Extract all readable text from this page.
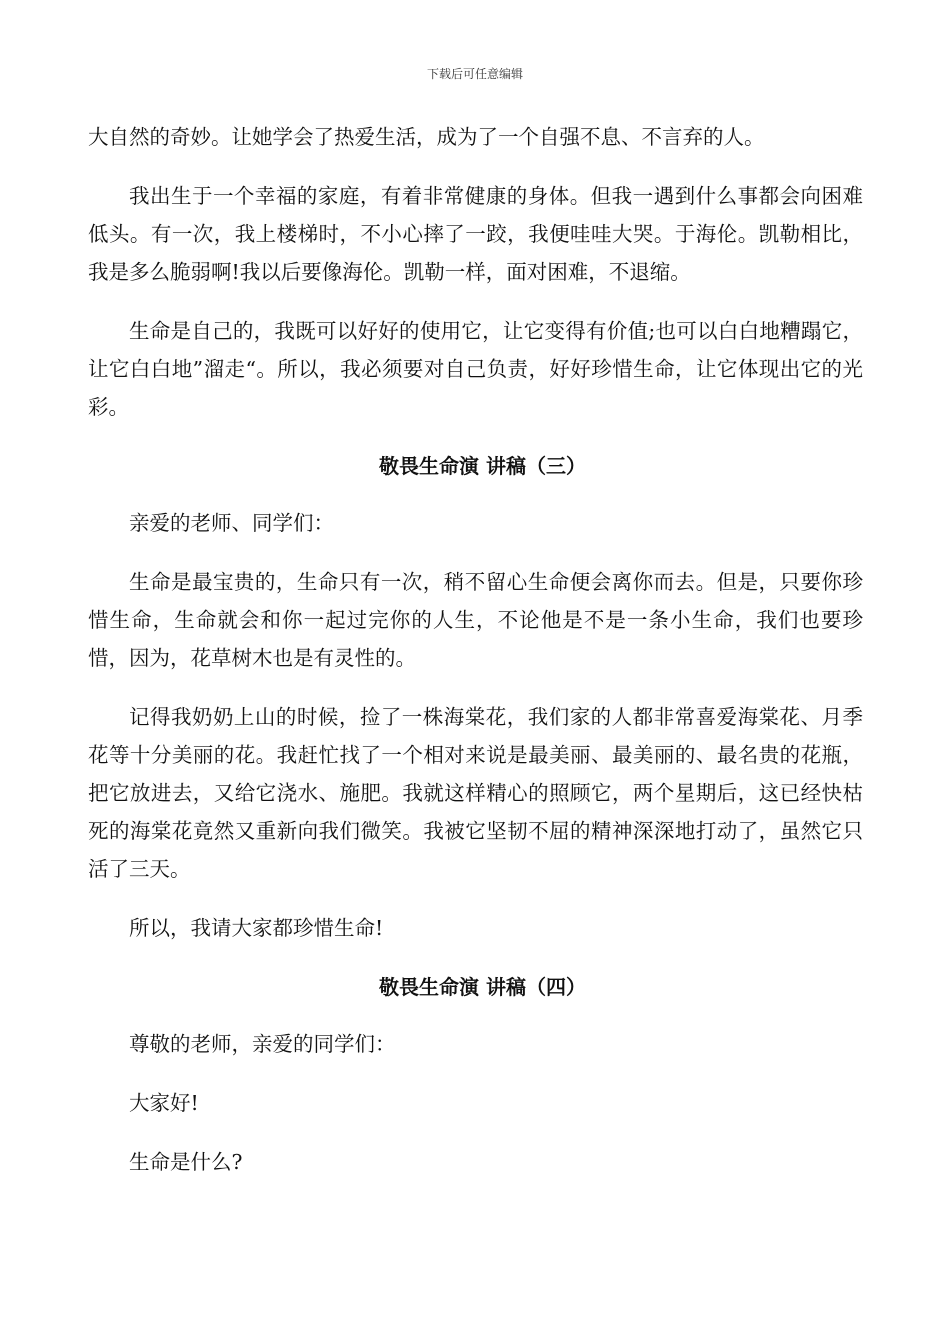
下载后可任意编辑

大自然的奇妙。让她学会了热爱生活，成为了一个自强不息、不言弃的人。

我出生于一个幸福的家庭，有着非常健康的身体。但我一遇到什么事都会向困难低头。有一次，我上楼梯时，不小心摔了一跤，我便哇哇大哭。于海伦。凯勒相比，我是多么脆弱啊!我以后要像海伦。凯勒一样，面对困难，不退缩。

生命是自己的，我既可以好好的使用它，让它变得有价值;也可以白白地糟蹋它，让它白白地”溜走“。所以，我必须要对自己负责，好好珍惜生命，让它体现出它的光彩。

敬畏生命演 讲稿（三）

亲爱的老师、同学们：

生命是最宝贵的，生命只有一次，稍不留心生命便会离你而去。但是，只要你珍惜生命，生命就会和你一起过完你的人生，不论他是不是一条小生命，我们也要珍惜，因为，花草树木也是有灵性的。

记得我奶奶上山的时候，捡了一株海棠花，我们家的人都非常喜爱海棠花、月季花等十分美丽的花。我赶忙找了一个相对来说是最美丽、最美丽的、最名贵的花瓶，把它放进去，又给它浇水、施肥。我就这样精心的照顾它，两个星期后，这已经快枯死的海棠花竟然又重新向我们微笑。我被它坚韧不屈的精神深深地打动了，虽然它只活了三天。

所以，我请大家都珍惜生命!

敬畏生命演 讲稿（四）

尊敬的老师，亲爱的同学们：

大家好!

生命是什么?
